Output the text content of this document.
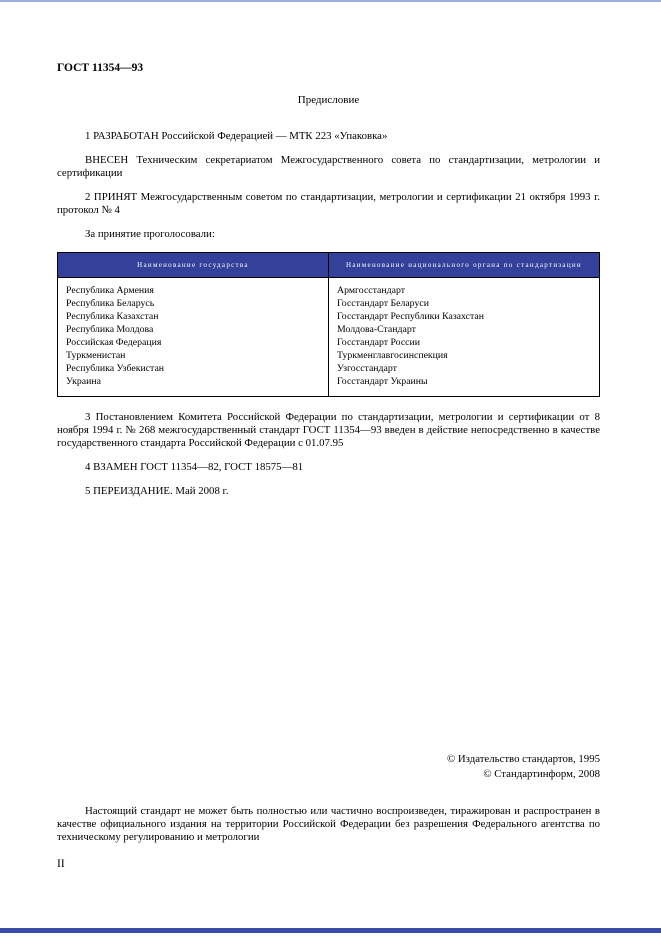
ГОСТ 11354—93
Предисловие

1 РАЗРАБОТАН Российской Федерацией — МТК 223 «Упаковка»

ВНЕСЕН Техническим секретариатом Межгосударственного совета по стандартизации, метрологии и сертификации

2 ПРИНЯТ Межгосударственным советом по стандартизации, метрологии и сертификации 21 октября 1993 г. протокол № 4

За принятие проголосовали:

Наименование государства	Наименование национального органа по стандартизации
Республика Армения	Армгосстандарт
Республика Беларусь	Госстандарт Беларуси
Республика Казахстан	Госстандарт Республики Казахстан
Республика Молдова	Молдова-Стандарт
Российская Федерация	Госстандарт России
Туркменистан	Туркменглавгосинспекция
Республика Узбекистан	Узгосстандарт
Украина	Госстандарт Украины

3 Постановлением Комитета Российской Федерации по стандартизации, метрологии и сертификации от 8 ноября 1994 г. № 268 межгосударственный стандарт ГОСТ 11354—93 введен в действие непосредственно в качестве государственного стандарта Российской Федерации с 01.07.95

4 ВЗАМЕН ГОСТ 11354—82, ГОСТ 18575—81

5 ПЕРЕИЗДАНИЕ. Май 2008 г.

© Издательство стандартов, 1995
© Стандартинформ, 2008

Настоящий стандарт не может быть полностью или частично воспроизведен, тиражирован и распространен в качестве официального издания на территории Российской Федерации без разрешения Федерального агентства по техническому регулированию и метрологии

II
